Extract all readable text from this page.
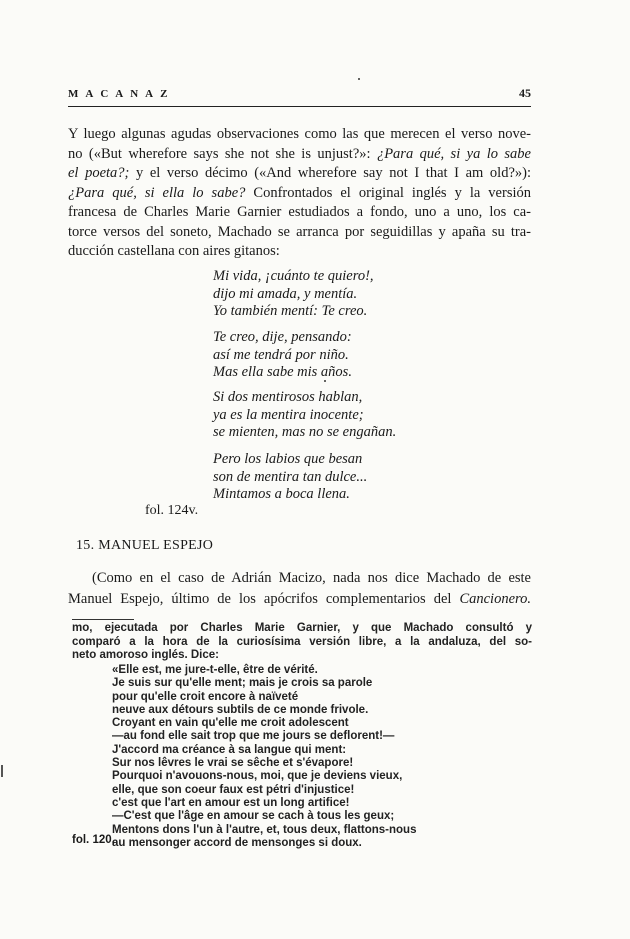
MACANAZ	45
Y luego algunas agudas observaciones como las que merecen el verso nove-
no («But wherefore says she not she is unjust?»: ¿Para qué, si ya lo sabe
el poeta?; y el verso décimo («And wherefore say not I that I am old?»):
¿Para qué, si ella lo sabe? Confrontados el original inglés y la versión
francesa de Charles Marie Garnier estudiados a fondo, uno a uno, los ca-
torce versos del soneto, Machado se arranca por seguidillas y apaña su tra-
ducción castellana con aires gitanos:
Mi vida, ¡cuánto te quiero!,
dijo mi amada, y mentía.
Yo también mentí: Te creo.
Te creo, dije, pensando:
así me tendrá por niño.
Mas ella sabe mis años.
Si dos mentirosos hablan,
ya es la mentira inocente;
se mienten, mas no se engañan.
Pero los labios que besan
son de mentira tan dulce...
Mintamos a boca llena.
fol. 124v.
15. MANUEL ESPEJO
(Como en el caso de Adrián Macizo, nada nos dice Machado de este
Manuel Espejo, último de los apócrifos complementarios del Cancionero.
mo, ejecutada por Charles Marie Garnier, y que Machado consultó y
comparó a la hora de la curiosísima versión libre, a la andaluza, del so-
neto amoroso inglés. Dice:
«Elle est, me jure-t-elle, être de vérité.
Je suis sur qu'elle ment; mais je crois sa parole
pour qu'elle croit encore à naïveté
neuve aux détours subtils de ce monde frivole.
Croyant en vain qu'elle me croit adolescent
—au fond elle sait trop que me jours se deflorent!—
J'accord ma créance à sa langue qui ment:
Sur nos lêvres le vrai se sêche et s'évapore!
Pourquoi n'avouons-nous, moi, que je deviens vieux,
elle, que son coeur faux est pétri d'injustice!
c'est que l'art en amour est un long artifice!
—C'est que l'âge en amour se cach à tous les geux;
Mentons dons l'un à l'autre, et, tous deux, flattons-nous
au mensonger accord de mensonges si doux.
fol. 120.
